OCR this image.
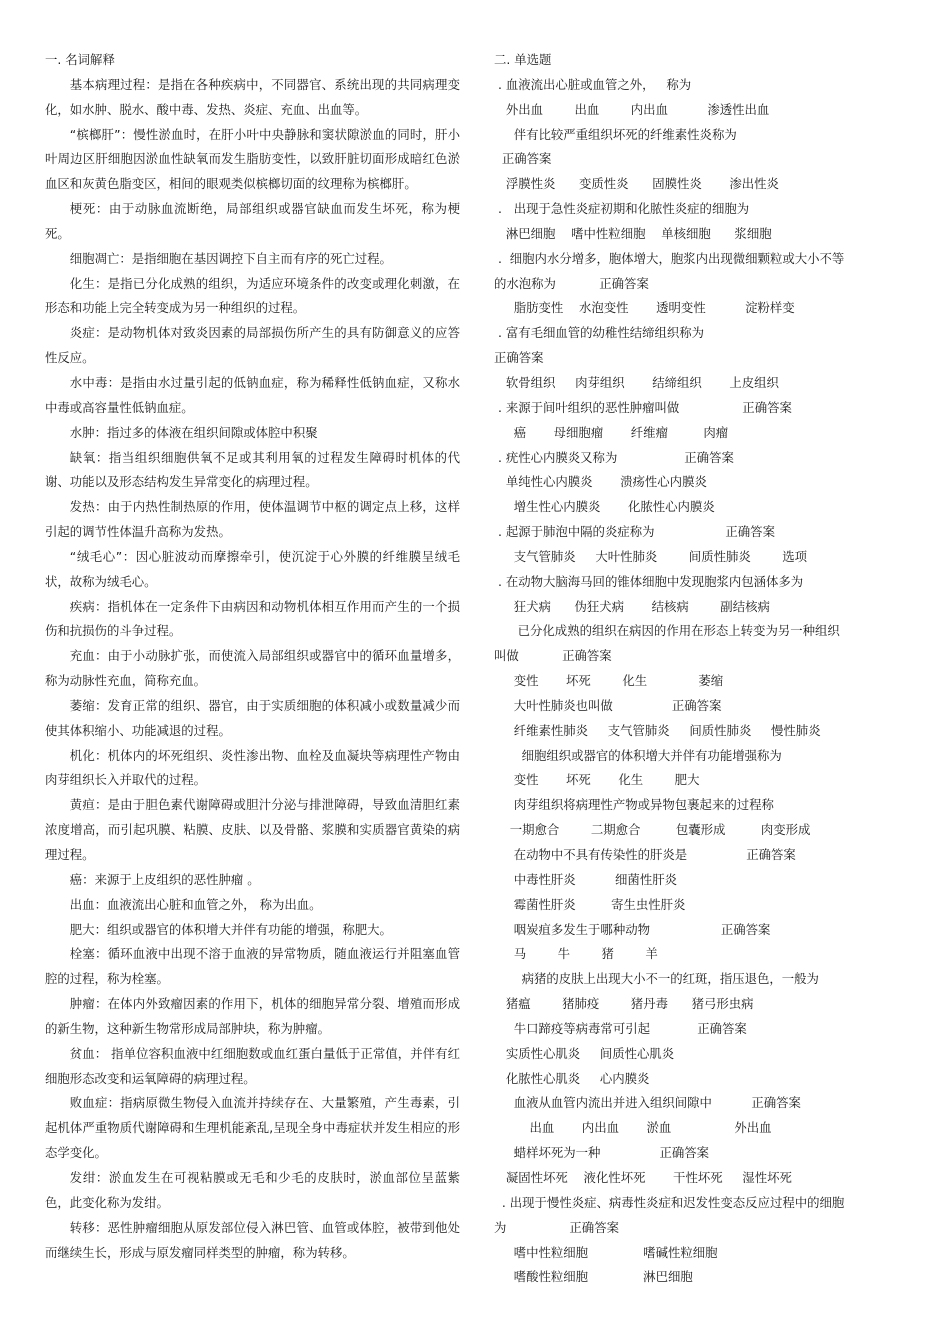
一. 名词解释

基本病理过程：是指在各种疾病中，不同器官、系统出现的共同病理变化，如水肿、脱水、酸中毒、发热、炎症、充血、出血等。

“槟榔肝”：慢性淤血时，在肝小叶中央静脉和窦状隙淤血的同时，肝小叶周边区肝细胞因淤血性缺氧而发生脂肪变性，以致肝脏切面形成暗红色淤血区和灰黄色脂变区，相间的眼观类似槟榔切面的纹理称为槟榔肝。

梗死：由于动脉血流断绝，局部组织或器官缺血而发生坏死，称为梗死。

细胞凋亡：是指细胞在基因调控下自主而有序的死亡过程。

化生：是指已分化成熟的组织，为适应环境条件的改变或理化刺激，在形态和功能上完全转变成为另一种组织的过程。

炎症：是动物机体对致炎因素的局部损伤所产生的具有防御意义的应答性反应。

水中毒：是指由水过量引起的低钠血症，称为稀释性低钠血症，又称水中毒或高容量性低钠血症。

水肿：指过多的体液在组织间隙或体腔中积聚

缺氧：指当组织细胞供氧不足或其利用氧的过程发生障碍时机体的代谢、功能以及形态结构发生异常变化的病理过程。

发热：由于内热性制热原的作用，使体温调节中枢的调定点上移，这样引起的调节性体温升高称为发热。

“绒毛心”：因心脏波动而摩擦牵引，使沉淀于心外膜的纤维膜呈绒毛状，故称为绒毛心。

疾病：指机体在一定条件下由病因和动物机体相互作用而产生的一个损伤和抗损伤的斗争过程。

充血：由于小动脉扩张，而使流入局部组织或器官中的循环血量增多，称为动脉性充血，简称充血。

萎缩：发育正常的组织、器官，由于实质细胞的体积减小或数量减少而使其体积缩小、功能减退的过程。

机化：机体内的坏死组织、炎性渗出物、血栓及血凝块等病理性产物由肉芽组织长入并取代的过程。

黄疸：是由于胆色素代谢障碍或胆汁分泌与排泄障碍，导致血清胆红素浓度增高，而引起巩膜、粘膜、皮肤、以及骨骼、浆膜和实质器官黄染的病理过程。

癌：来源于上皮组织的恶性肿瘤 。

出血：血液流出心脏和血管之外， 称为出血。

肥大：组织或器官的体积增大并伴有功能的增强，称肥大。

栓塞：循环血液中出现不溶于血液的异常物质，随血液运行并阻塞血管腔的过程，称为栓塞。

肿瘤：在体内外致瘤因素的作用下，机体的细胞异常分裂、增殖而形成的新生物，这种新生物常形成局部肿块，称为肿瘤。

贫血： 指单位容积血液中红细胞数或血红蛋白量低于正常值，并伴有红细胞形态改变和运氧障碍的病理过程。

败血症：指病原微生物侵入血流并持续存在、大量繁殖，产生毒素，引起机体严重物质代谢障碍和生理机能紊乱,呈现全身中毒症状并发生相应的形态学变化。

发绀：淤血发生在可视粘膜或无毛和少毛的皮肤时，淤血部位呈蓝紫色，此变化称为发绀。

转移：恶性肿瘤细胞从原发部位侵入淋巴管、血管或体腔，被带到他处而继续生长，形成与原发瘤同样类型的肿瘤，称为转移。

二. 单选题
. 血液流出心脏或血管之外，   称为
外出血        出血        内出血          渗透性出血
伴有比较严重组织坏死的纤维素性炎称为
正确答案
浮膜性炎      变质性炎      固膜性炎       渗出性炎
.   出现于急性炎症初期和化脓性炎症的细胞为
淋巴细胞    嗜中性粒细胞    单核细胞      浆细胞
.  细胞内水分增多，胞体增大，胞浆内出现微细颗粒或大小不等
的水泡称为           正确答案
脂肪变性    水泡变性       透明变性          淀粉样变
. 富有毛细血管的幼稚性结缔组织称为
正确答案
软骨组织     肉芽组织       结缔组织       上皮组织
. 来源于间叶组织的恶性肿瘤叫做                正确答案
癌       母细胞瘤       纤维瘤         肉瘤
. 疣性心内膜炎又称为                 正确答案
单纯性心内膜炎       溃疡性心内膜炎
增生性心内膜炎       化脓性心内膜炎
. 起源于肺泡中隔的炎症称为                  正确答案
支气管肺炎     大叶性肺炎        间质性肺炎        选项
. 在动物大脑海马回的锥体细胞中发现胞浆内包涵体多为
狂犬病      伪狂犬病       结核病        副结核病
已分化成熟的组织在病因的作用在形态上转变为另一种组织
叫做           正确答案
变性       坏死        化生             萎缩
大叶性肺炎也叫做               正确答案
纤维素性肺炎     支气管肺炎     间质性肺炎     慢性肺炎
细胞组织或器官的体积增大并伴有功能增强称为
变性       坏死       化生        肥大
肉芽组织将病理性产物或异物包裹起来的过程称
一期愈合        二期愈合         包囊形成         肉变形成
在动物中不具有传染性的肝炎是               正确答案
中毒性肝炎          细菌性肝炎
霉菌性肝炎         寄生虫性肝炎
咽炭疽多发生于哪种动物                  正确答案
马        牛        猪        羊
病猪的皮肤上出现大小不一的红斑，指压退色，一般为
猪瘟        猪肺疫        猪丹毒      猪弓形虫病
牛口蹄疫等病毒常可引起            正确答案
实质性心肌炎     间质性心肌炎
化脓性心肌炎     心内膜炎
血液从血管内流出并进入组织间隙中          正确答案
出血       内出血       淤血                外出血
蜡样坏死为一种               正确答案
凝固性坏死    液化性坏死       干性坏死     湿性坏死
. 出现于慢性炎症、病毒性炎症和迟发性变态反应过程中的细胞
为                正确答案
嗜中性粒细胞              嗜碱性粒细胞
嗜酸性粒细胞              淋巴细胞
